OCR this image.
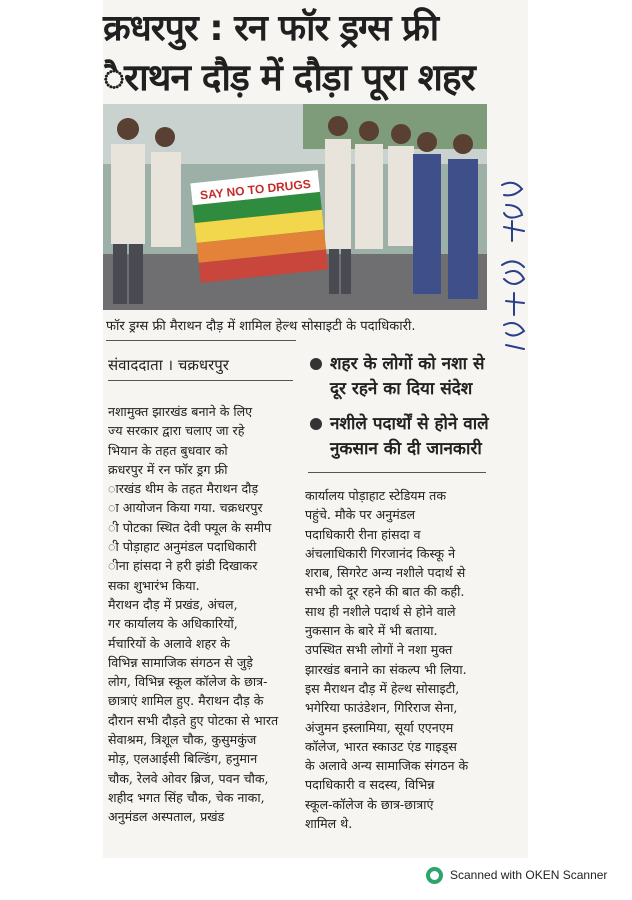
क्रधरपुर : रन फॉर ड्रग्स फ्री
ैराथन दौड़ में दौड़ा पूरा शहर
SAY NO TO DRUGS
फॉर ड्रग्स फ्री मैराथन दौड़ में शामिल हेल्थ सोसाइटी के पदाधिकारी.
संवाददाता । चक्रधरपुर	शहर के लोगों को नशा से दूर रहने का दिया संदेश
नशीले पदार्थों से होने वाले नुकसान की दी जानकारी
नशामुक्त झारखंड बनाने के लिए
ज्य सरकार द्वारा चलाए जा रहे
भियान के तहत बुधवार को
क्रधरपुर में रन फॉर ड्रग फ्री
ारखंड थीम के तहत मैराथन दौड़
ा आयोजन किया गया. चक्रधरपुर
ी पोटका स्थित देवी फ्यूल के समीप
ी पोड़ाहाट अनुमंडल पदाधिकारी
ीना हांसदा ने हरी झंडी दिखाकर
सका शुभारंभ किया.
मैराथन दौड़ में प्रखंड, अंचल,
गर कार्यालय के अधिकारियों,
र्मचारियों के अलावे शहर के
विभिन्न सामाजिक संगठन से जुड़े
लोग, विभिन्न स्कूल कॉलेज के छात्र-
छात्राएं शामिल हुए. मैराथन दौड़ के
दौरान सभी दौड़ते हुए पोटका से भारत
सेवाश्रम, त्रिशूल चौक, कुसुमकुंज
मोड़, एलआईसी बिल्डिंग, हनुमान
चौक, रेलवे ओवर ब्रिज, पवन चौक,
शहीद भगत सिंह चौक, चेक नाका,
अनुमंडल अस्पताल, प्रखंड
कार्यालय पोड़ाहाट स्टेडियम तक
पहुंचे. मौके पर अनुमंडल
पदाधिकारी रीना हांसदा व
अंचलाधिकारी गिरजानंद किस्कू ने
शराब, सिगरेट अन्य नशीले पदार्थ से
सभी को दूर रहने की बात की कही.
साथ ही नशीले पदार्थ से होने वाले
नुकसान के बारे में भी बताया.
उपस्थित सभी लोगों ने नशा मुक्त
झारखंड बनाने का संकल्प भी लिया.
इस मैराथन दौड़ में हेल्थ सोसाइटी,
भगेरिया फाउंडेशन, गिरिराज सेना,
अंजुमन इस्लामिया, सूर्या एएनएम
कॉलेज, भारत स्काउट एंड गाइड्स
के अलावे अन्य सामाजिक संगठन के
पदाधिकारी व सदस्य, विभिन्न
स्कूल-कॉलेज के छात्र-छात्राएं
शामिल थे.
Scanned with OKEN Scanner
